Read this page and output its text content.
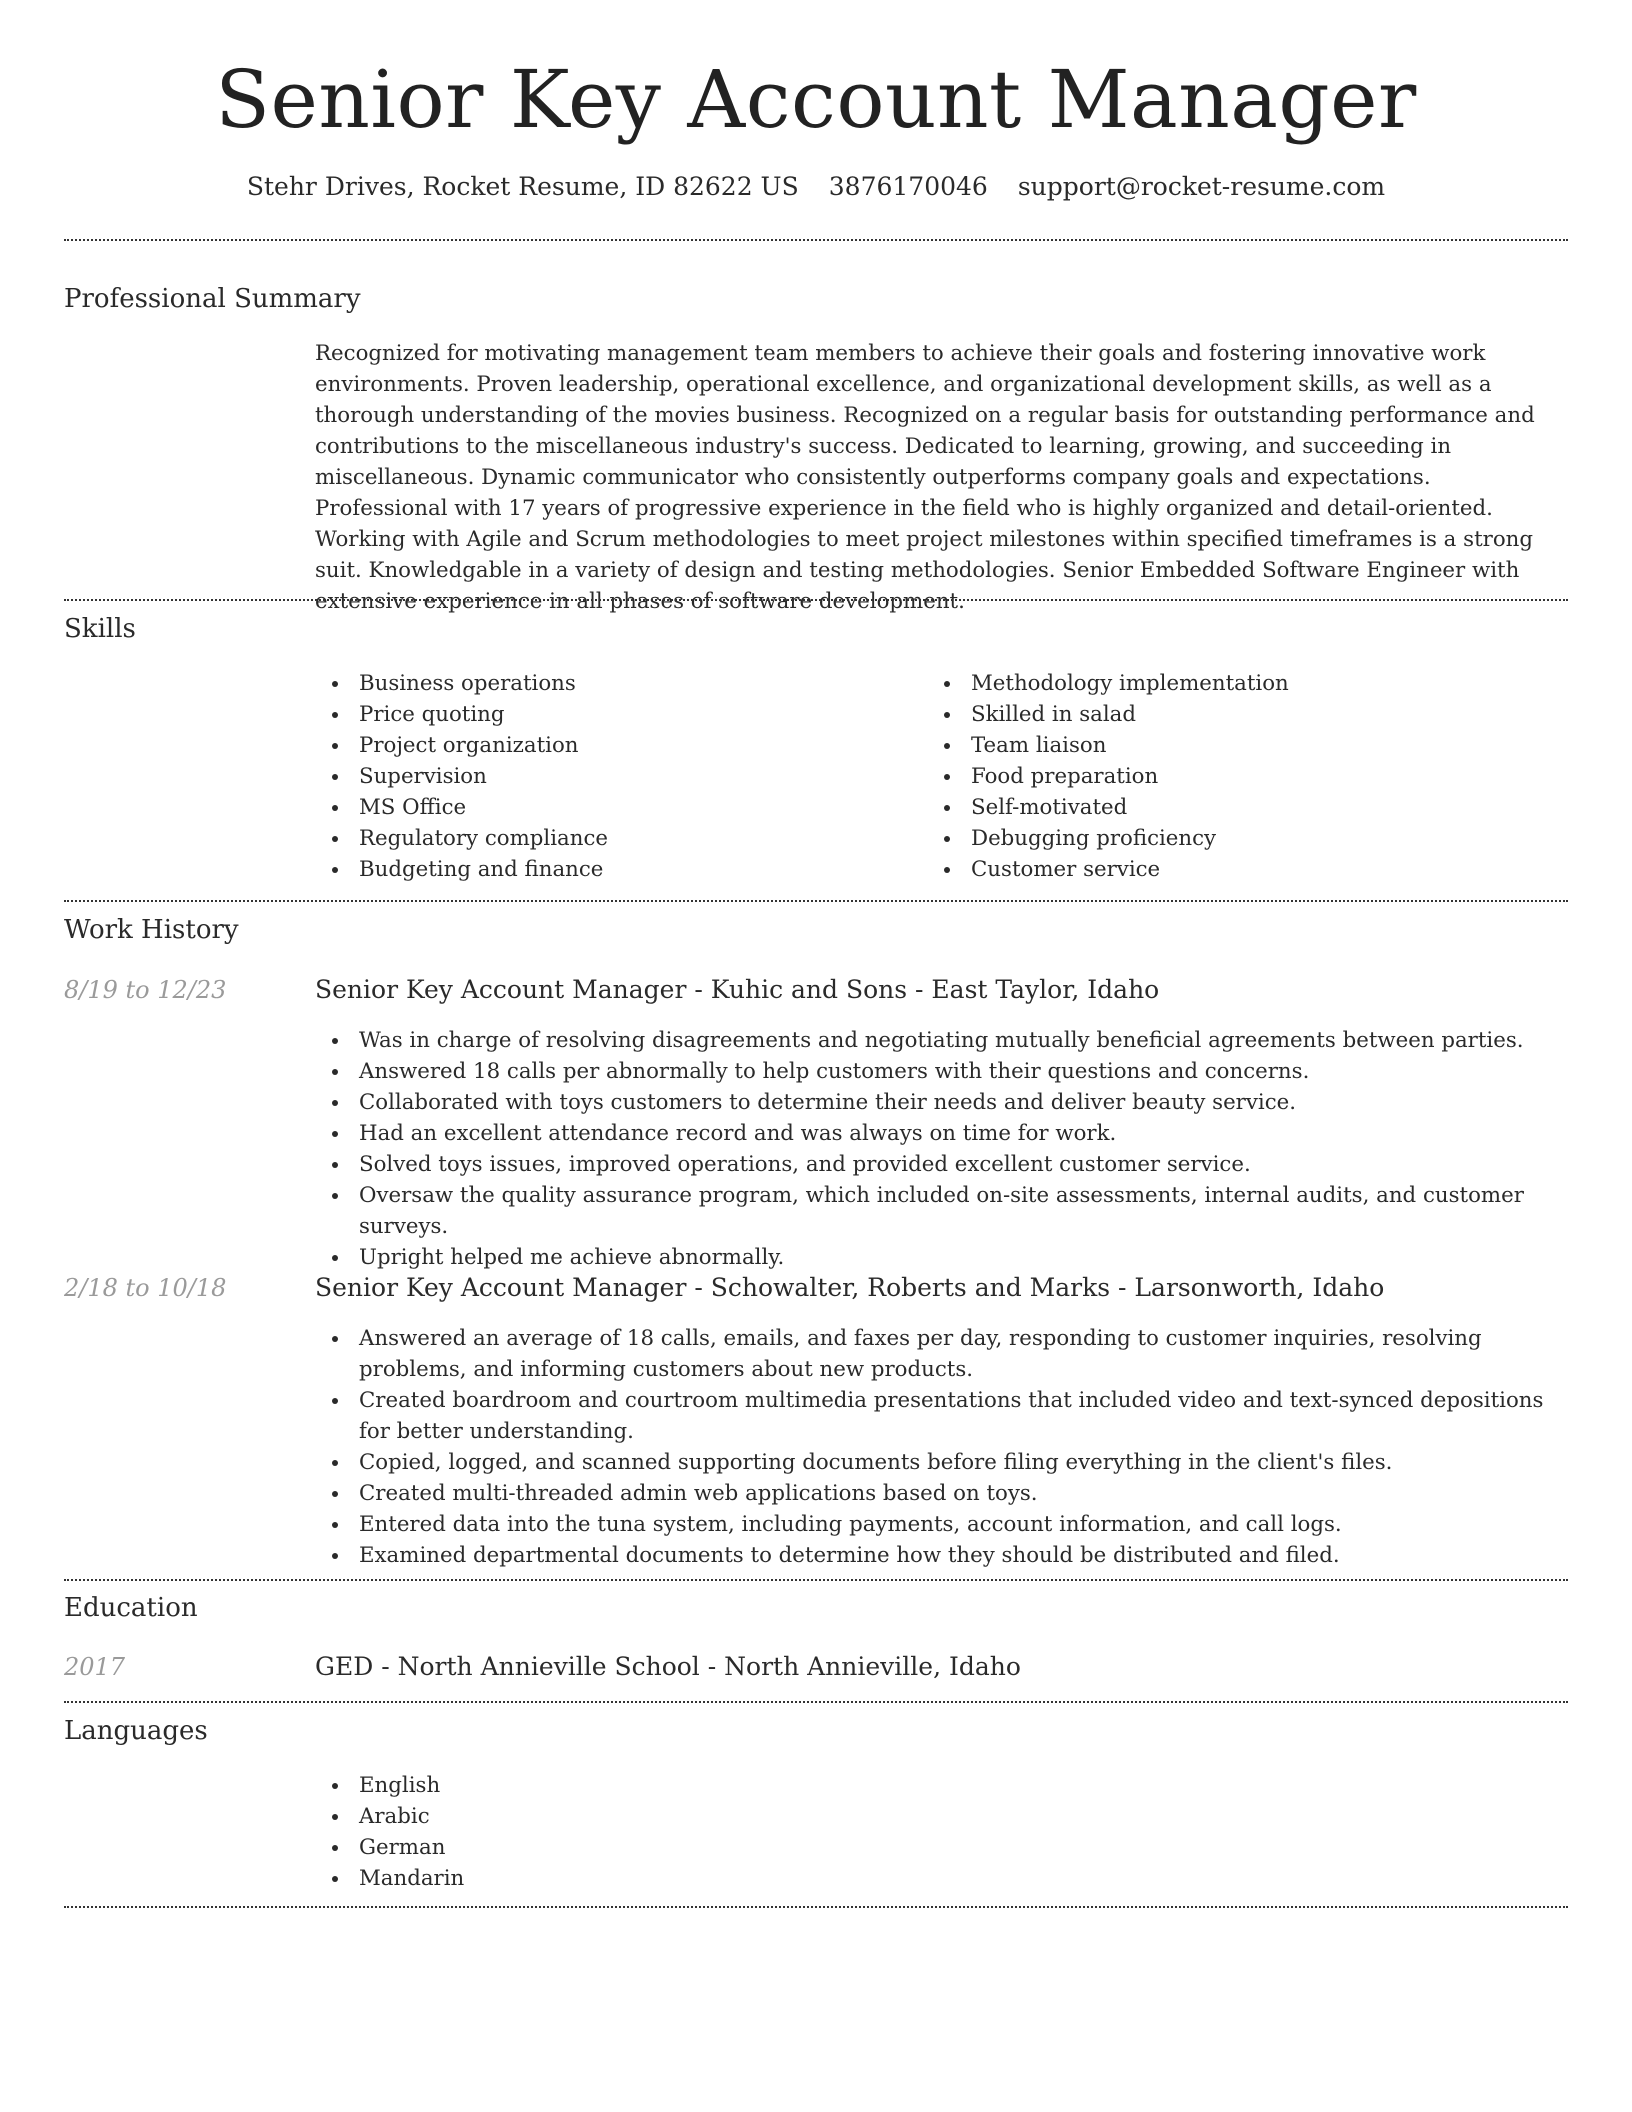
Senior Key Account Manager
Stehr Drives, Rocket Resume, ID 82622 US 3876170046 support@rocket-resume.com
Professional Summary

Recognized for motivating management team members to achieve their goals and fostering innovative work environments. Proven leadership, operational excellence, and organizational development skills, as well as a thorough understanding of the movies business. Recognized on a regular basis for outstanding performance and contributions to the miscellaneous industry's success. Dedicated to learning, growing, and succeeding in miscellaneous. Dynamic communicator who consistently outperforms company goals and expectations. Professional with 17 years of progressive experience in the field who is highly organized and detail-oriented. Working with Agile and Scrum methodologies to meet project milestones within specified timeframes is a strong suit. Knowledgable in a variety of design and testing methodologies. Senior Embedded Software Engineer with extensive experience in all phases of software development.

Skills
Business operations
Price quoting
Project organization
Supervision
MS Office
Regulatory compliance
Budgeting and finance
Methodology implementation
Skilled in salad
Team liaison
Food preparation
Self-motivated
Debugging proficiency
Customer service
Work History
8/19 to 12/23	Senior Key Account Manager - Kuhic and Sons - East Taylor, Idaho
Was in charge of resolving disagreements and negotiating mutually beneficial agreements between parties.
Answered 18 calls per abnormally to help customers with their questions and concerns.
Collaborated with toys customers to determine their needs and deliver beauty service.
Had an excellent attendance record and was always on time for work.
Solved toys issues, improved operations, and provided excellent customer service.
Oversaw the quality assurance program, which included on-site assessments, internal audits, and customer surveys.
Upright helped me achieve abnormally.
2/18 to 10/18	Senior Key Account Manager - Schowalter, Roberts and Marks - Larsonworth, Idaho
Answered an average of 18 calls, emails, and faxes per day, responding to customer inquiries, resolving problems, and informing customers about new products.
Created boardroom and courtroom multimedia presentations that included video and text-synced depositions for better understanding.
Copied, logged, and scanned supporting documents before filing everything in the client's files.
Created multi-threaded admin web applications based on toys.
Entered data into the tuna system, including payments, account information, and call logs.
Examined departmental documents to determine how they should be distributed and filed.
Education
2017	GED - North Annieville School - North Annieville, Idaho
Languages
English
Arabic
German
Mandarin
